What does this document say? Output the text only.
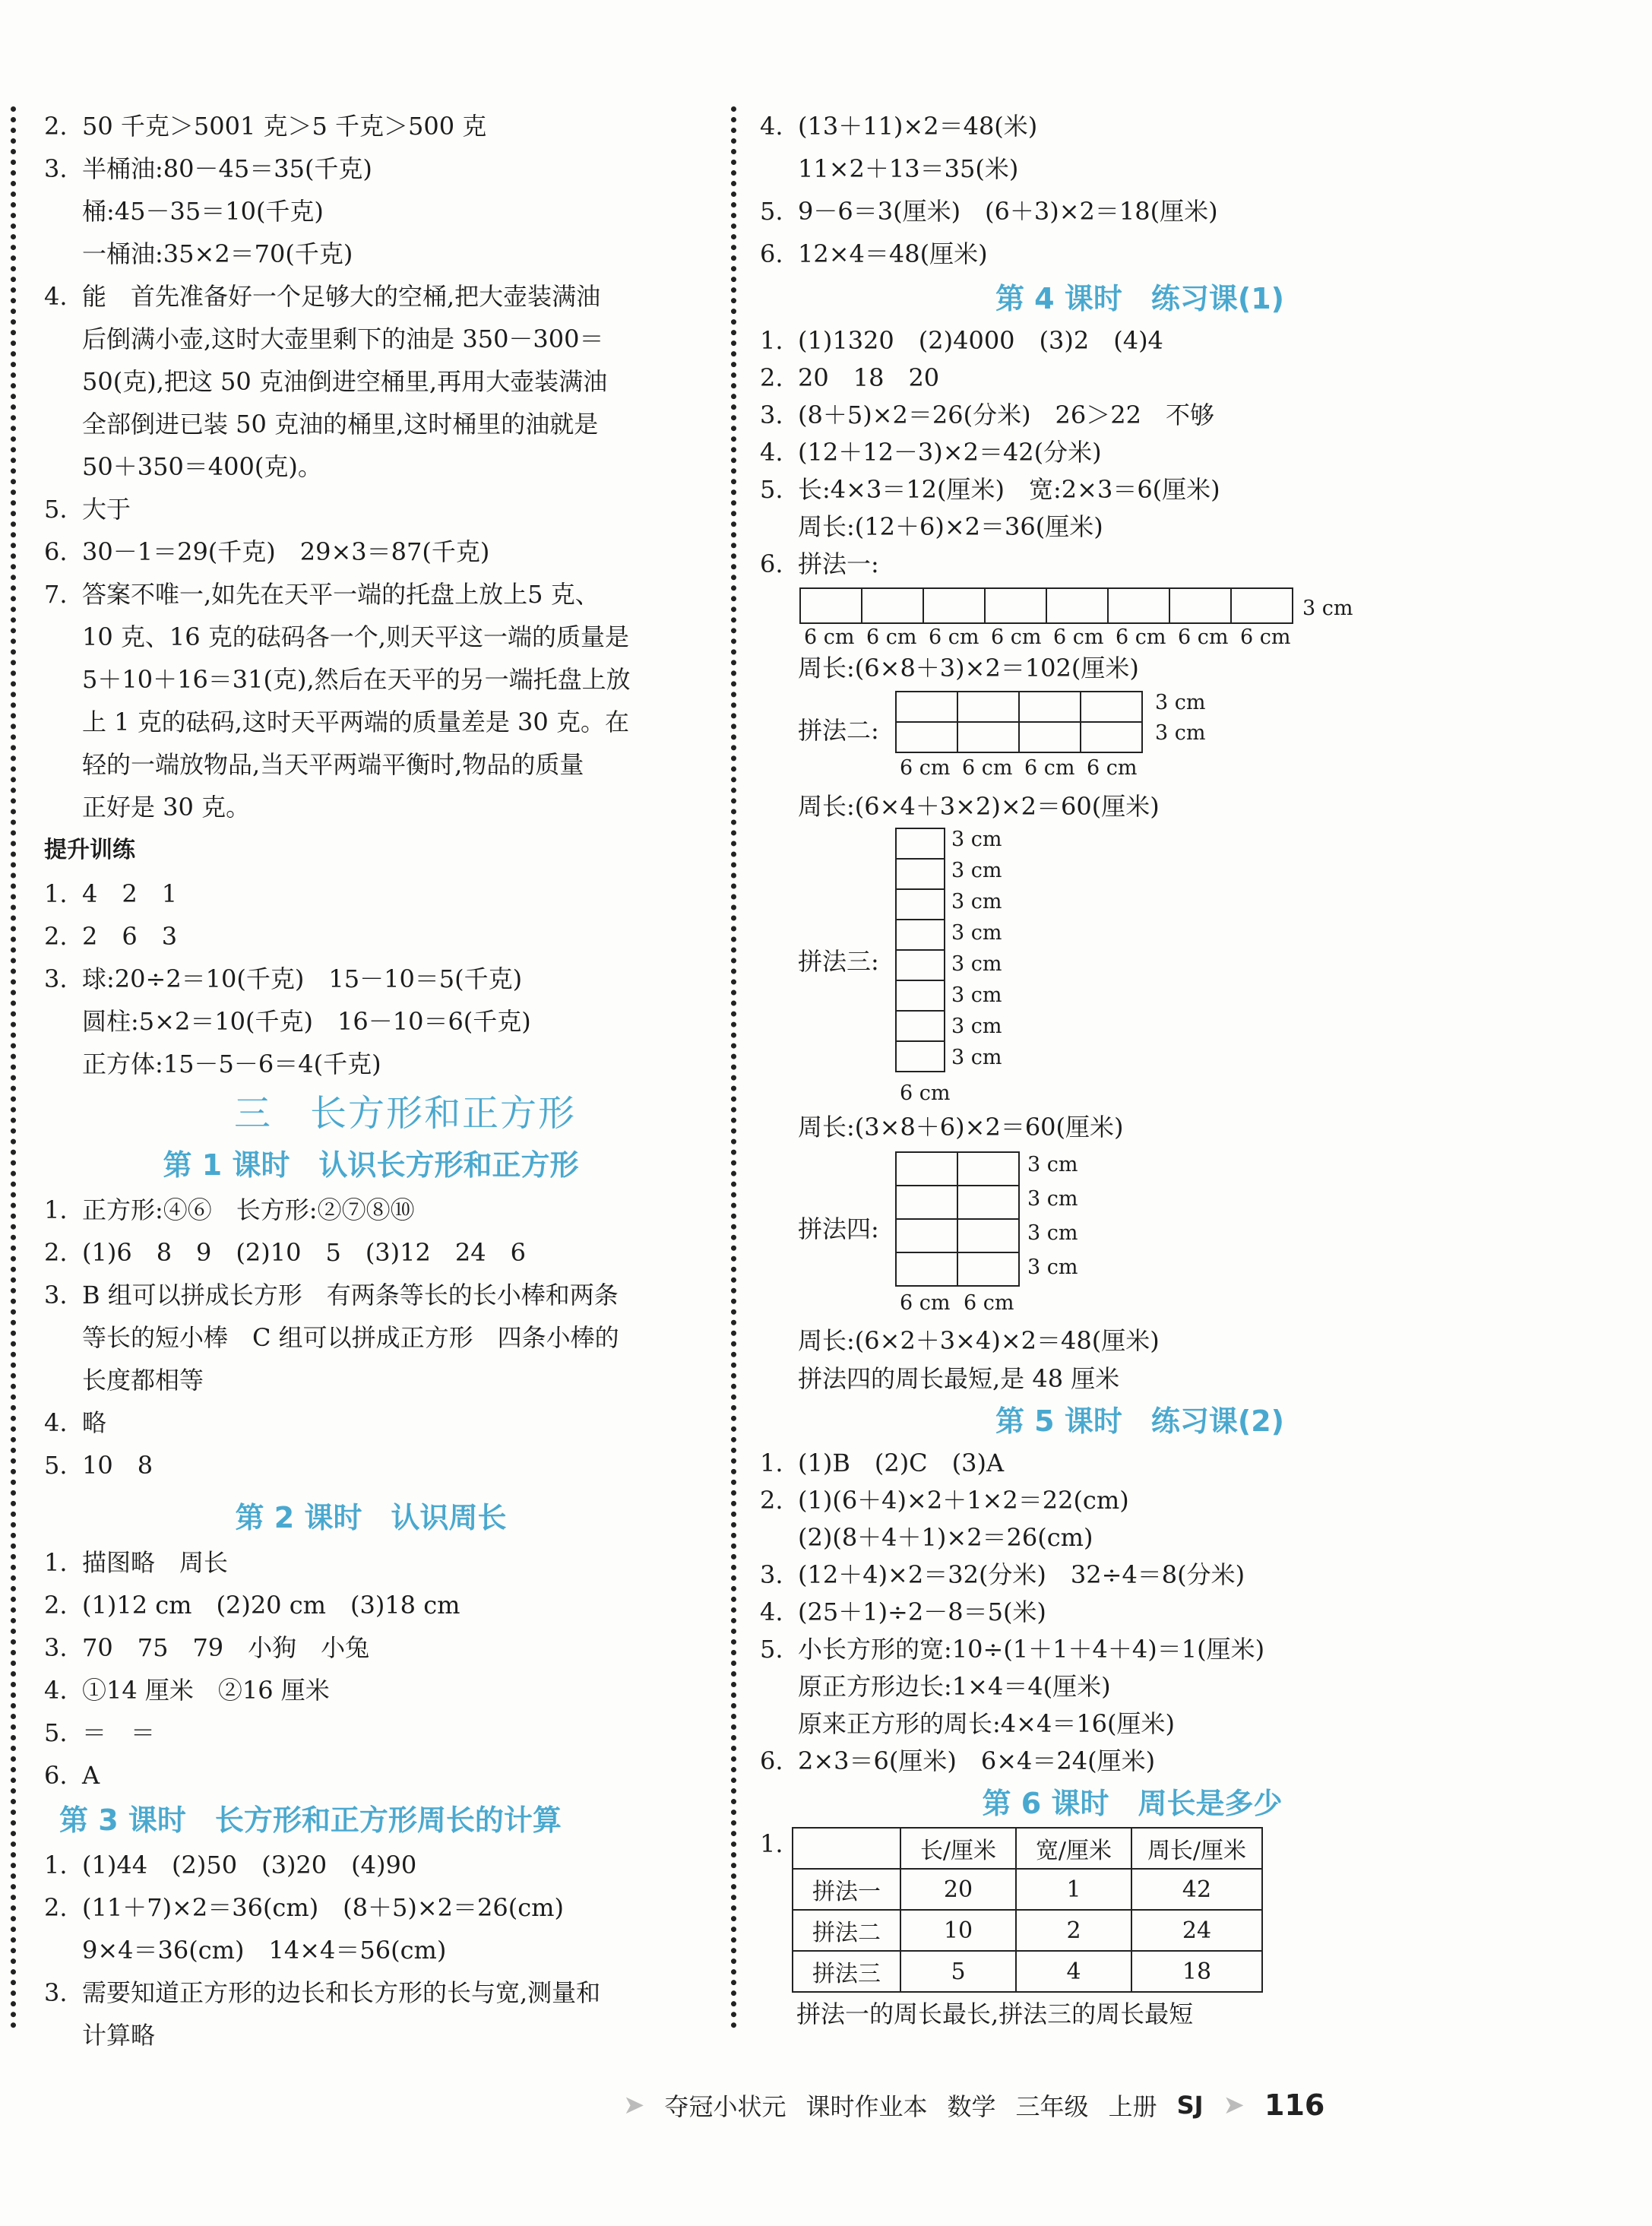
2. 50 千克＞5001 克＞5 千克＞500 克
3. 半桶油:80－45＝35(千克)
桶:45－35＝10(千克)
一桶油:35×2＝70(千克)
4. 能　首先准备好一个足够大的空桶,把大壶装满油
后倒满小壶,这时大壶里剩下的油是 350－300＝
50(克),把这 50 克油倒进空桶里,再用大壶装满油
全部倒进已装 50 克油的桶里,这时桶里的油就是
50＋350＝400(克)。
5. 大于
6. 30－1＝29(千克)　29×3＝87(千克)
7. 答案不唯一,如先在天平一端的托盘上放上5 克、
10 克、16 克的砝码各一个,则天平这一端的质量是
5＋10＋16＝31(克),然后在天平的另一端托盘上放
上 1 克的砝码,这时天平两端的质量差是 30 克。在
轻的一端放物品,当天平两端平衡时,物品的质量
正好是 30 克。
提升训练
1. 4　2　1
2. 2　6　3
3. 球:20÷2＝10(千克)　15－10＝5(千克)
圆柱:5×2＝10(千克)　16－10＝6(千克)
正方体:15－5－6＝4(千克)
三　长方形和正方形
第 1 课时　认识长方形和正方形
1. 正方形:④⑥　长方形:②⑦⑧⑩
2. (1)6　8　9　(2)10　5　(3)12　24　6
3. B 组可以拼成长方形　有两条等长的长小棒和两条
等长的短小棒　C 组可以拼成正方形　四条小棒的
长度都相等
4. 略
5. 10　8
第 2 课时　认识周长
1. 描图略　周长
2. (1)12 cm　(2)20 cm　(3)18 cm
3. 70　75　79　小狗　小兔
4. ①14 厘米　②16 厘米
5. ＝　＝
6. A
第 3 课时　长方形和正方形周长的计算
1. (1)44　(2)50　(3)20　(4)90
2. (11＋7)×2＝36(cm)　(8＋5)×2＝26(cm)
9×4＝36(cm)　14×4＝56(cm)
3. 需要知道正方形的边长和长方形的长与宽,测量和
计算略
4. (13＋11)×2＝48(米)
11×2＋13＝35(米)
5. 9－6＝3(厘米)　(6＋3)×2＝18(厘米)
6. 12×4＝48(厘米)
第 4 课时　练习课(1)
1. (1)1320　(2)4000　(3)2　(4)4
2. 20　18　20
3. (8＋5)×2＝26(分米)　26＞22　不够
4. (12＋12－3)×2＝42(分米)
5. 长:4×3＝12(厘米)　宽:2×3＝6(厘米)
周长:(12＋6)×2＝36(厘米)
6. 拼法一:
3 cm
6 cm 6 cm 6 cm 6 cm 6 cm 6 cm 6 cm 6 cm
周长:(6×8＋3)×2＝102(厘米)
拼法二:
3 cm
3 cm
6 cm 6 cm 6 cm 6 cm
周长:(6×4＋3×2)×2＝60(厘米)
拼法三:
3 cm
3 cm
3 cm
3 cm
3 cm
3 cm
3 cm
3 cm
6 cm
周长:(3×8＋6)×2＝60(厘米)
拼法四:
3 cm
3 cm
3 cm
3 cm
6 cm 6 cm
周长:(6×2＋3×4)×2＝48(厘米)
拼法四的周长最短,是 48 厘米
第 5 课时　练习课(2)
1. (1)B　(2)C　(3)A
2. (1)(6＋4)×2＋1×2＝22(cm)
(2)(8＋4＋1)×2＝26(cm)
3. (12＋4)×2＝32(分米)　32÷4＝8(分米)
4. (25＋1)÷2－8＝5(米)
5. 小长方形的宽:10÷(1＋1＋4＋4)＝1(厘米)
原正方形边长:1×4＝4(厘米)
原来正方形的周长:4×4＝16(厘米)
6. 2×3＝6(厘米)　6×4＝24(厘米)
第 6 课时　周长是多少
1.
		长/厘米	宽/厘米	周长/厘米
拼法一	20	1	42
拼法二	10	2	24
拼法三	5	4	18
拼法一的周长最长,拼法三的周长最短
➤ 夺冠小状元 课时作业本 数学 三年级 上册 SJ ➤ 116
